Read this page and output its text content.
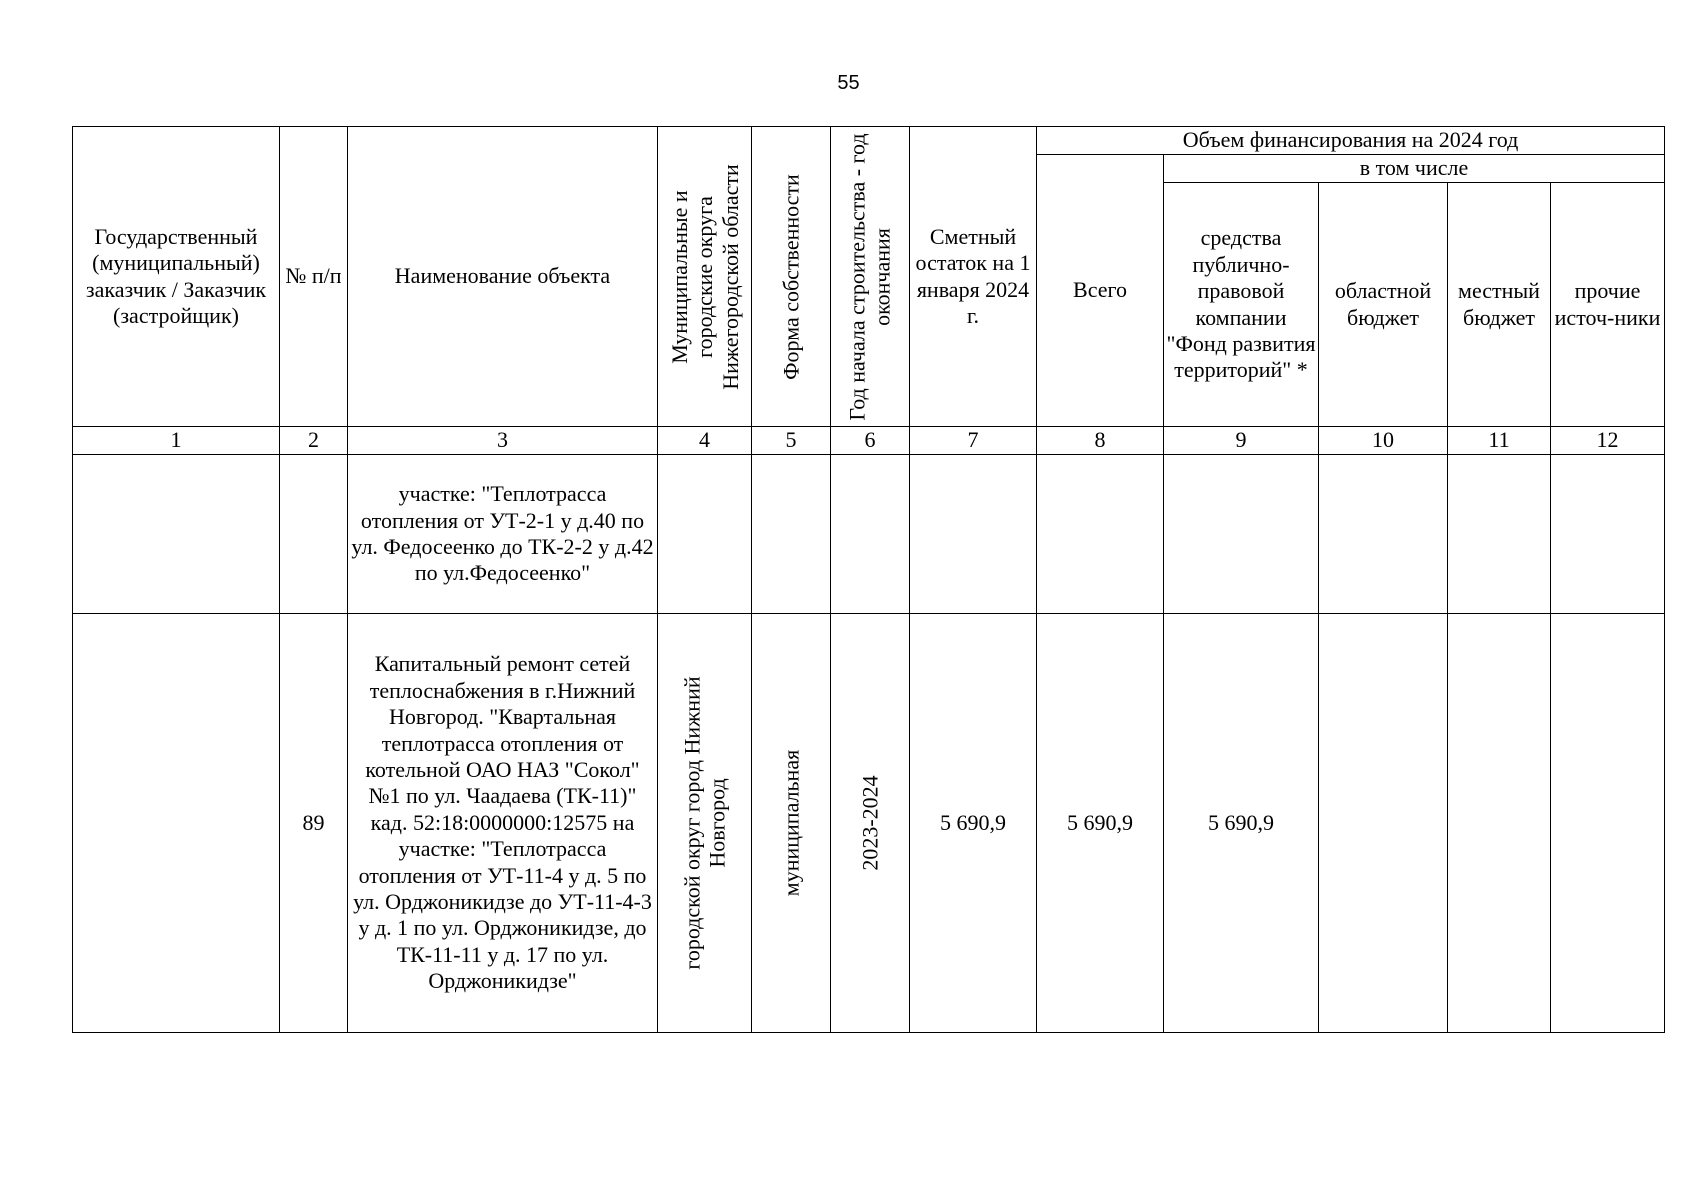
55
Государственный (муниципальный) заказчик / Заказчик (застройщик)	№ п/п	Наименование объекта	Муниципальные и городские округа Нижегородской области	Форма собственности	Год начала строительства - год окончания	Сметный остаток на 1 января 2024 г.	Объем финансирования на 2024 год				
							Всего	в том числе			
								средства публично-правовой компании "Фонд развития территорий" *	областной бюджет	местный бюджет	прочие источ-ники
1	2	3	4	5	6	7	8	9	10	11	12
		участке: "Теплотрасса отопления от УТ-2-1 у д.40 по ул. Федосеенко до ТК-2-2 у д.42 по ул.Федосеенко"									
	89	Капитальный ремонт сетей теплоснабжения в г.Нижний Новгород. "Квартальная теплотрасса отопления от котельной ОАО НАЗ "Сокол" №1 по ул. Чаадаева (ТК-11)" кад. 52:18:0000000:12575 на участке: "Теплотрасса отопления от УТ-11-4 у д. 5 по ул. Орджоникидзе до УТ-11-4-3 у д. 1 по ул. Орджоникидзе, до ТК-11-11 у д. 17 по ул. Орджоникидзе"	городской округ город Нижний Новгород	муниципальная	2023-2024	5 690,9	5 690,9	5 690,9			
